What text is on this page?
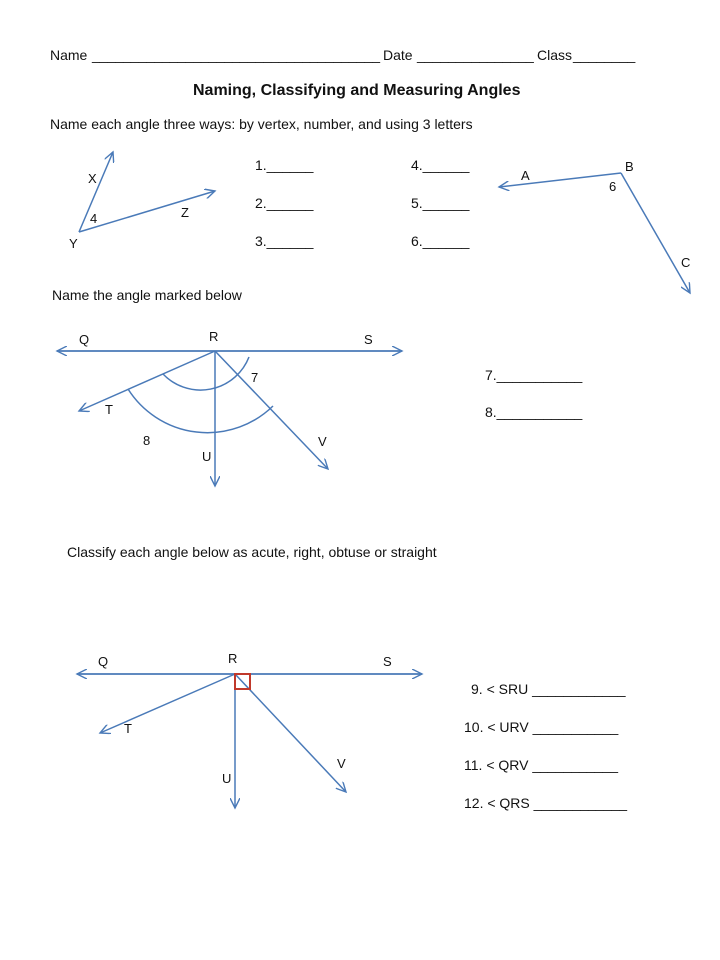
Name _____________________________________ Date _______________ Class ________
Naming, Classifying and Measuring Angles
Name each angle three ways: by vertex, number, and using 3 letters
1.______
2.______
3.______
4.______
5.______
6.______
Name the angle marked below
7.___________
8.___________
Classify each angle below as acute, right, obtuse or straight
9. < SRU ____________
10. < URV ___________
11. < QRV ___________
12. < QRS ____________
X
Z
Y
4
A
B
6
C
Q	R	S
7
T
8
U
V
Q	R	S
T
U
V
